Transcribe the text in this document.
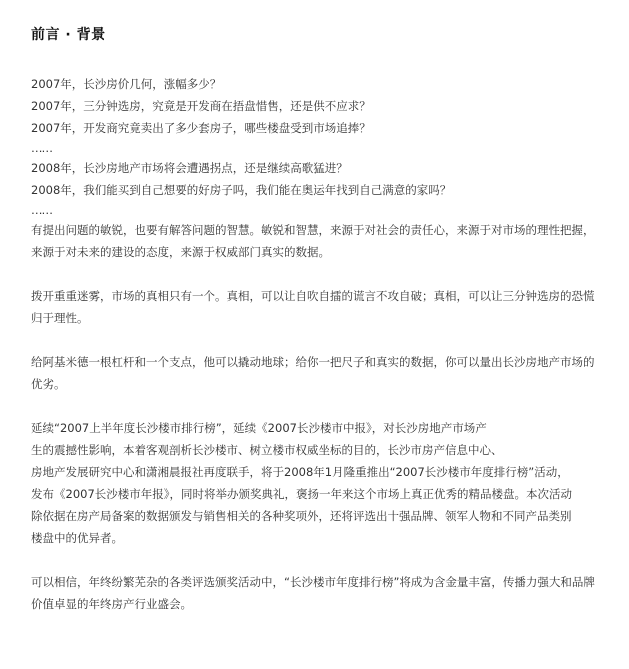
前言 · 背景
2007年，长沙房价几何，涨幅多少？
2007年，三分钟选房，究竟是开发商在捂盘惜售，还是供不应求？
2007年，开发商究竟卖出了多少套房子，哪些楼盘受到市场追捧？
……
2008年，长沙房地产市场将会遭遇拐点，还是继续高歌猛进？
2008年，我们能买到自己想要的好房子吗，我们能在奥运年找到自己满意的家吗？
……
有提出问题的敏锐，也要有解答问题的智慧。敏锐和智慧，来源于对社会的责任心，来源于对市场的理性把握，来源于对未来的建设的态度，来源于权威部门真实的数据。
拨开重重迷雾，市场的真相只有一个。真相，可以让自吹自擂的谎言不攻自破；真相，可以让三分钟选房的恐慌归于理性。
给阿基米德一根杠杆和一个支点，他可以撬动地球；给你一把尺子和真实的数据，你可以量出长沙房地产市场的优劣。
延续“2007上半年度长沙楼市排行榜”，延续《2007长沙楼市中报》，对长沙房地产市场产
生的震撼性影响，本着客观剖析长沙楼市、树立楼市权威坐标的目的，长沙市房产信息中心、
房地产发展研究中心和潇湘晨报社再度联手，将于2008年1月隆重推出“2007长沙楼市年度排行榜”活动，
发布《2007长沙楼市年报》，同时将举办颁奖典礼，褒扬一年来这个市场上真正优秀的精品楼盘。本次活动
除依据在房产局备案的数据颁发与销售相关的各种奖项外，还将评选出十强品牌、领军人物和不同产品类别
楼盘中的优异者。
可以相信，年终纷繁芜杂的各类评选颁奖活动中，“长沙楼市年度排行榜”将成为含金量丰富，传播力强大和品牌价值卓显的年终房产行业盛会。
